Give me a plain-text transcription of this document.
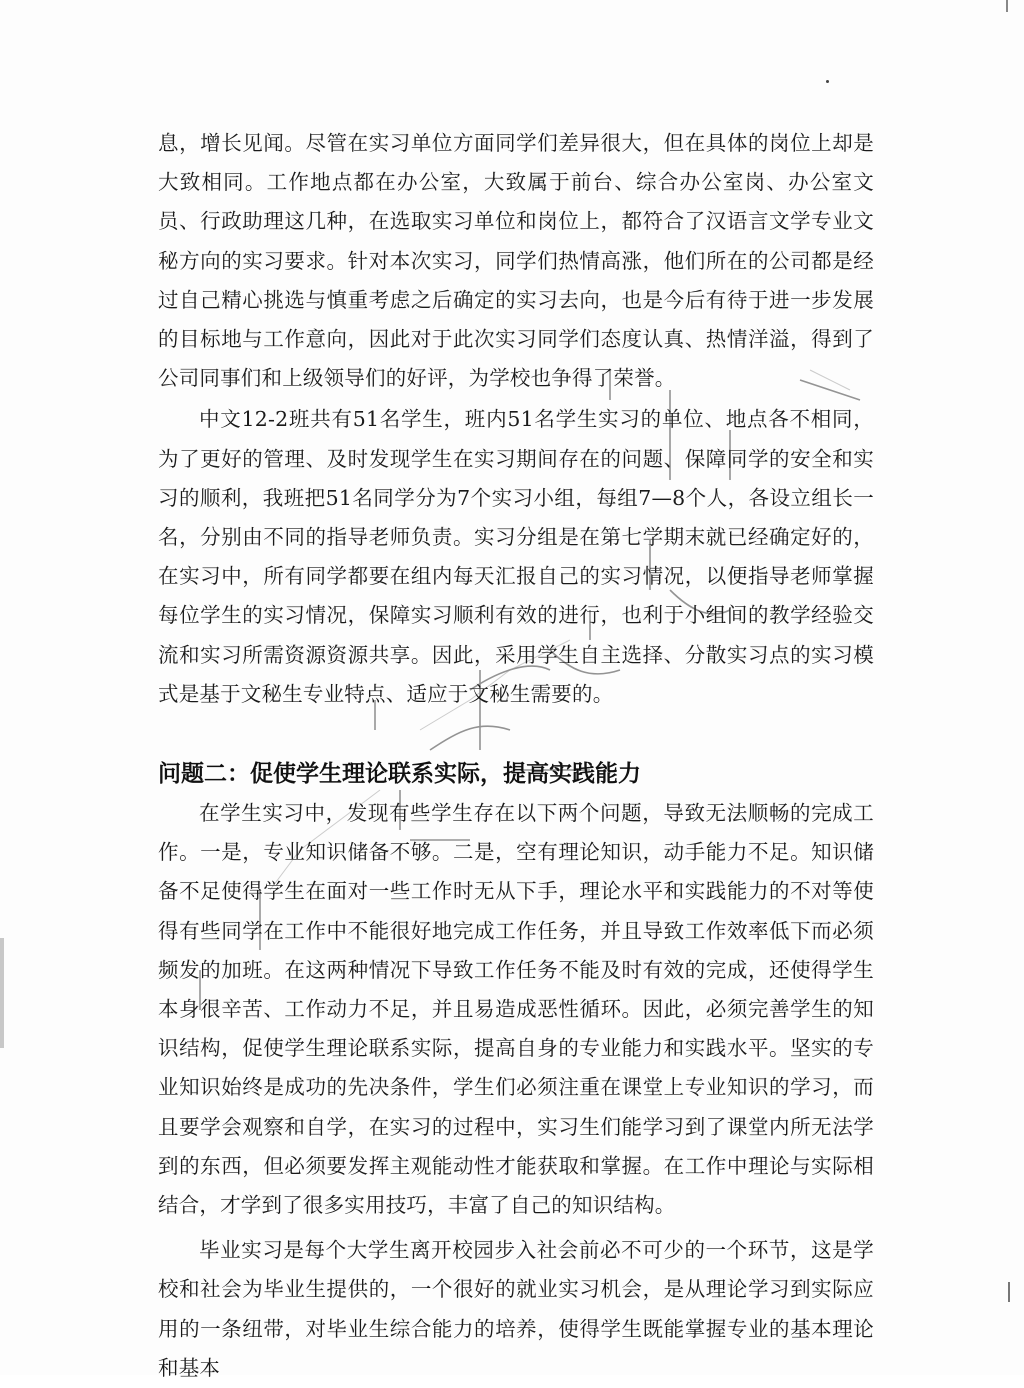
息，增长见闻。尽管在实习单位方面同学们差异很大，但在具体的岗位上却是大致相同。工作地点都在办公室，大致属于前台、综合办公室岗、办公室文员、行政助理这几种，在选取实习单位和岗位上，都符合了汉语言文学专业文秘方向的实习要求。针对本次实习，同学们热情高涨，他们所在的公司都是经过自己精心挑选与慎重考虑之后确定的实习去向，也是今后有待于进一步发展的目标地与工作意向，因此对于此次实习同学们态度认真、热情洋溢，得到了公司同事们和上级领导们的好评，为学校也争得了荣誉。

中文12-2班共有51名学生，班内51名学生实习的单位、地点各不相同，为了更好的管理、及时发现学生在实习期间存在的问题、保障同学的安全和实习的顺利，我班把51名同学分为7个实习小组，每组7—8个人，各设立组长一名，分别由不同的指导老师负责。实习分组是在第七学期末就已经确定好的，在实习中，所有同学都要在组内每天汇报自己的实习情况，以便指导老师掌握每位学生的实习情况，保障实习顺利有效的进行，也利于小组间的教学经验交流和实习所需资源资源共享。因此，采用学生自主选择、分散实习点的实习模式是基于文秘生专业特点、适应于文秘生需要的。

问题二：促使学生理论联系实际，提高实践能力

在学生实习中，发现有些学生存在以下两个问题，导致无法顺畅的完成工作。一是，专业知识储备不够。二是，空有理论知识，动手能力不足。知识储备不足使得学生在面对一些工作时无从下手，理论水平和实践能力的不对等使得有些同学在工作中不能很好地完成工作任务，并且导致工作效率低下而必须频发的加班。在这两种情况下导致工作任务不能及时有效的完成，还使得学生本身很辛苦、工作动力不足，并且易造成恶性循环。因此，必须完善学生的知识结构，促使学生理论联系实际，提高自身的专业能力和实践水平。坚实的专业知识始终是成功的先决条件，学生们必须注重在课堂上专业知识的学习，而且要学会观察和自学，在实习的过程中，实习生们能学习到了课堂内所无法学到的东西，但必须要发挥主观能动性才能获取和掌握。在工作中理论与实际相结合，才学到了很多实用技巧，丰富了自己的知识结构。

毕业实习是每个大学生离开校园步入社会前必不可少的一个环节，这是学校和社会为毕业生提供的，一个很好的就业实习机会，是从理论学习到实际应用的一条纽带，对毕业生综合能力的培养，使得学生既能掌握专业的基本理论和基本
